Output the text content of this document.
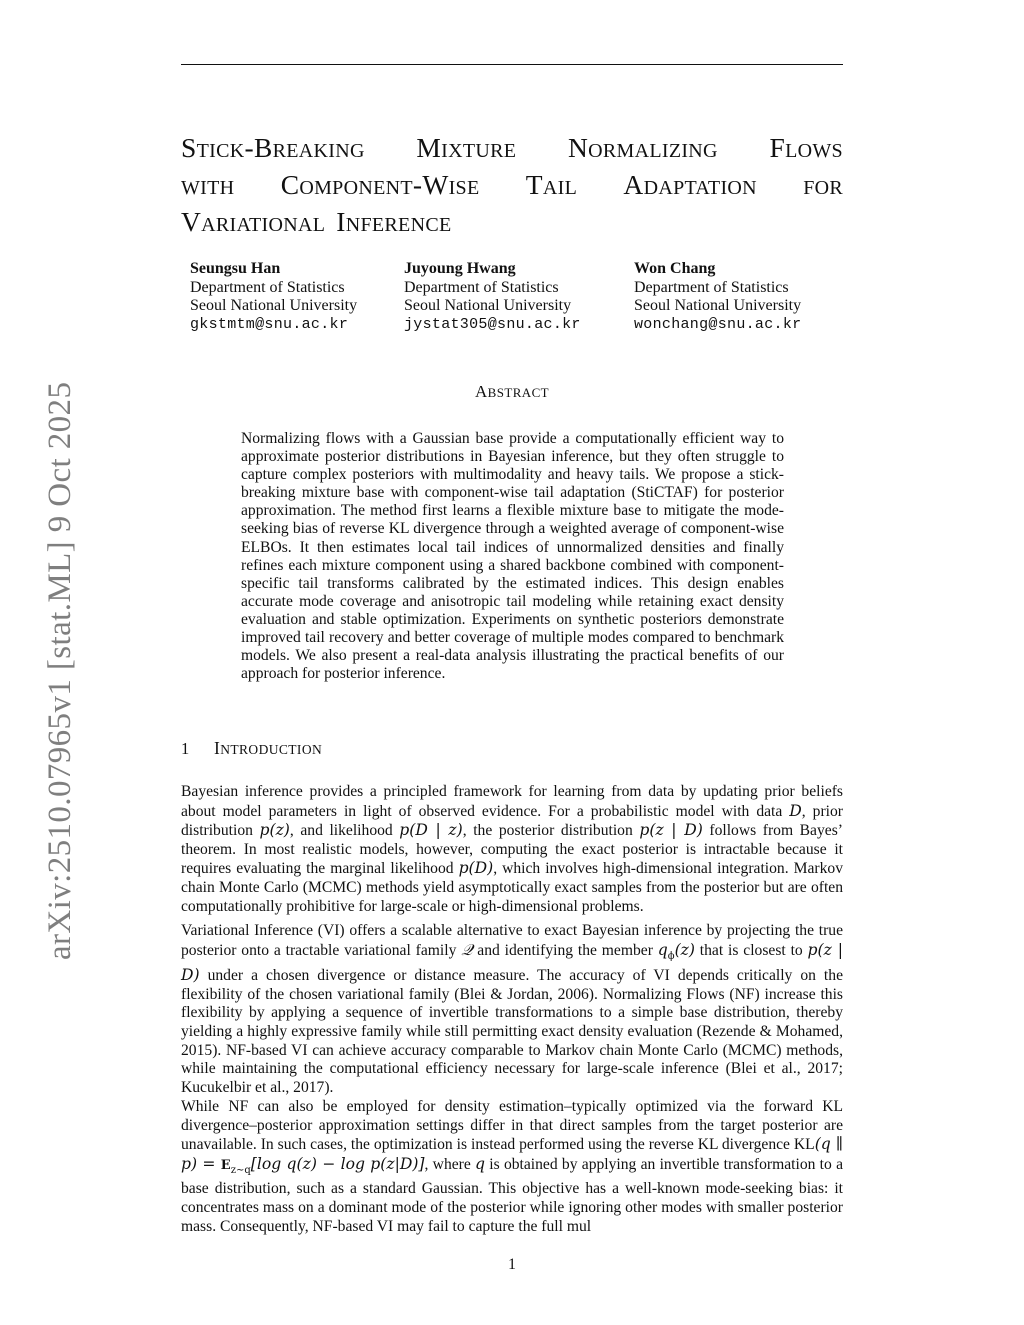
arXiv:2510.07965v1 [stat.ML] 9 Oct 2025
STICK-BREAKING MIXTURE NORMALIZING FLOWS
WITH COMPONENT-WISE TAIL ADAPTATION FOR
VARIATIONAL INFERENCE
Seungsu Han
Department of Statistics
Seoul National University
gkstmtm@snu.ac.kr
Juyoung Hwang
Department of Statistics
Seoul National University
jystat305@snu.ac.kr
Won Chang
Department of Statistics
Seoul National University
wonchang@snu.ac.kr
ABSTRACT

Normalizing flows with a Gaussian base provide a computationally efficient way to approximate posterior distributions in Bayesian inference, but they often struggle to capture complex posteriors with multimodality and heavy tails. We propose a stick-breaking mixture base with component-wise tail adaptation (StiCTAF) for posterior approximation. The method first learns a flexible mixture base to mitigate the mode-seeking bias of reverse KL divergence through a weighted average of component-wise ELBOs. It then estimates local tail indices of unnormalized densities and finally refines each mixture component using a shared backbone combined with component-specific tail transforms calibrated by the estimated indices. This design enables accurate mode coverage and anisotropic tail modeling while retaining exact density evaluation and stable optimization. Experiments on synthetic posteriors demonstrate improved tail recovery and better coverage of multiple modes compared to benchmark models. We also present a real-data analysis illustrating the practical benefits of our approach for posterior inference.

1 INTRODUCTION

Bayesian inference provides a principled framework for learning from data by updating prior beliefs about model parameters in light of observed evidence. For a probabilistic model with data D, prior distribution p(z), and likelihood p(D | z), the posterior distribution p(z | D) follows from Bayes’ theorem. In most realistic models, however, computing the exact posterior is intractable because it requires evaluating the marginal likelihood p(D), which involves high-dimensional integration. Markov chain Monte Carlo (MCMC) methods yield asymptotically exact samples from the posterior but are often computationally prohibitive for large-scale or high-dimensional problems.

Variational Inference (VI) offers a scalable alternative to exact Bayesian inference by projecting the true posterior onto a tractable variational family 𝒬 and identifying the member $q_\phi(z)$ that is closest to p(z | D) under a chosen divergence or distance measure. The accuracy of VI depends critically on the flexibility of the chosen variational family (Blei & Jordan, 2006). Normalizing Flows (NF) increase this flexibility by applying a sequence of invertible transformations to a simple base distribution, thereby yielding a highly expressive family while still permitting exact density evaluation (Rezende & Mohamed, 2015). NF-based VI can achieve accuracy comparable to Markov chain Monte Carlo (MCMC) methods, while maintaining the computational efficiency necessary for large-scale inference (Blei et al., 2017; Kucukelbir et al., 2017).

While NF can also be employed for density estimation–typically optimized via the forward KL divergence–posterior approximation settings differ in that direct samples from the target posterior are unavailable. In such cases, the optimization is instead performed using the reverse KL divergence KL(q ∥ $p) = E_{z\sim q}[\log$ q(z) − log p(z|D)], where q is obtained by applying an invertible transformation to a base distribution, such as a standard Gaussian. This objective has a well-known mode-seeking bias: it concentrates mass on a dominant mode of the posterior while ignoring other modes with smaller posterior mass. Consequently, NF-based VI may fail to capture the full mul

1
